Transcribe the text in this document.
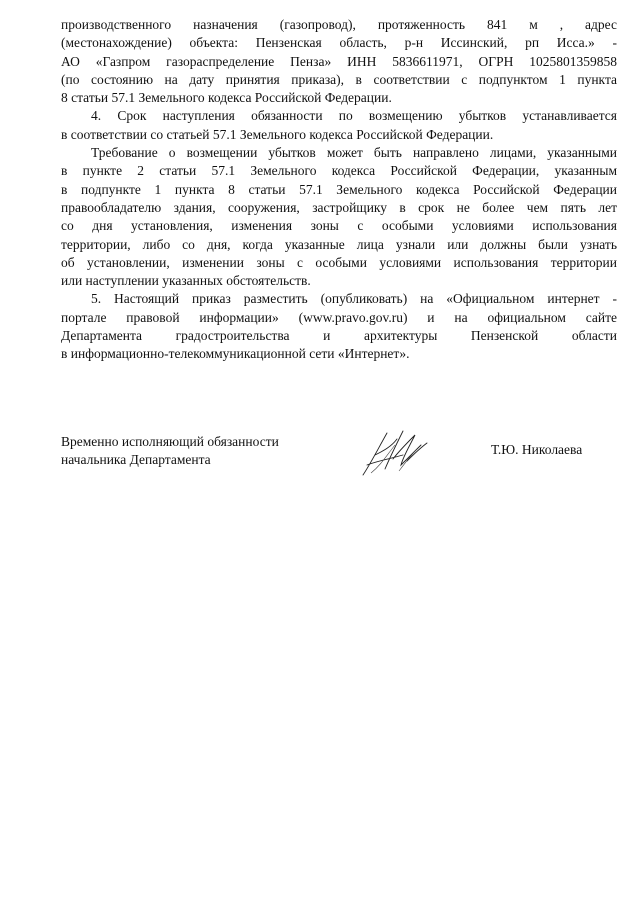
производственного назначения (газопровод), протяженность 841 м , адрес
(местонахождение) объекта: Пензенская область, р-н Иссинский, рп Исса.» -
АО «Газпром газораспределение Пенза» ИНН 5836611971, ОГРН 1025801359858
(по состоянию на дату принятия приказа), в соответствии с подпунктом 1 пункта
8 статьи 57.1 Земельного кодекса Российской Федерации.
4. Срок наступления обязанности по возмещению убытков устанавливается
в соответствии со статьей 57.1 Земельного кодекса Российской Федерации.
Требование о возмещении убытков может быть направлено лицами, указанными
в пункте 2 статьи 57.1 Земельного кодекса Российской Федерации, указанным
в подпункте 1 пункта 8 статьи 57.1 Земельного кодекса Российской Федерации
правообладателю здания, сооружения, застройщику в срок не более чем пять лет
со дня установления, изменения зоны с особыми условиями использования
территории, либо со дня, когда указанные лица узнали или должны были узнать
об установлении, изменении зоны с особыми условиями использования территории
или наступлении указанных обстоятельств.
5. Настоящий приказ разместить (опубликовать) на «Официальном интернет -
портале правовой информации» (www.pravo.gov.ru) и на официальном сайте
Департамента градостроительства и архитектуры Пензенской области
в информационно-телекоммуникационной сети «Интернет».
Временно исполняющий обязанности
начальника Департамента
Т.Ю. Николаева
